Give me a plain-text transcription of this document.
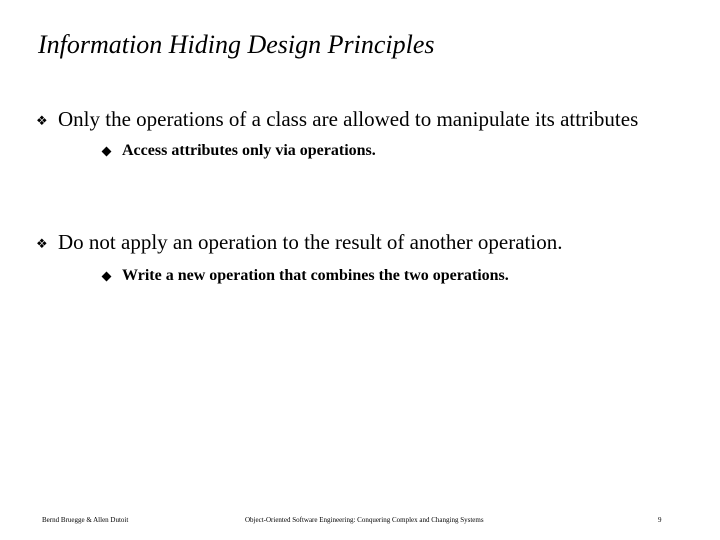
Information Hiding Design Principles
❖ Only the operations of a class are allowed to manipulate its attributes
Access attributes only via operations.
❖ Do not apply an operation to the result of another operation.
Write a new operation that combines the two operations.
Bernd Bruegge & Allen Dutoit	Object-Oriented Software Engineering: Conquering Complex and Changing Systems	9
